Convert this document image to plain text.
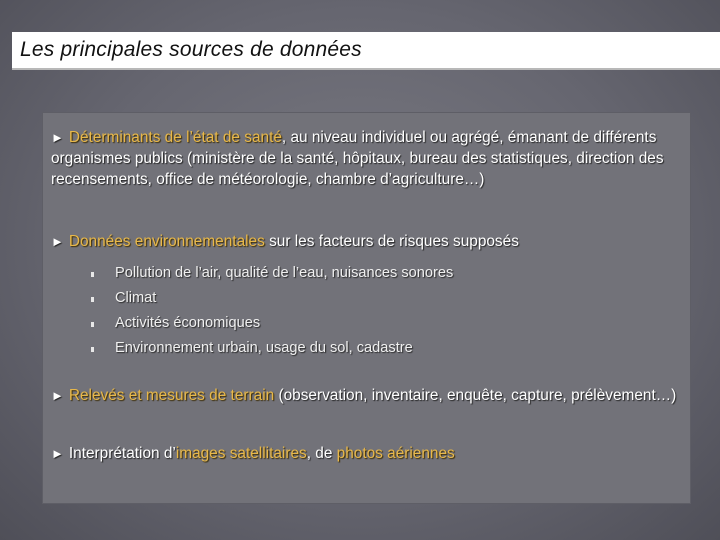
Les principales sources de données
► Déterminants de l’état de santé, au niveau individuel ou agrégé, émanant de différents organismes publics (ministère de la santé, hôpitaux, bureau des statistiques, direction des recensements, office de météorologie, chambre d’agriculture…)
► Données environnementales sur les facteurs de risques supposés
Pollution de l’air, qualité de l’eau, nuisances sonores
Climat
Activités économiques
Environnement urbain, usage du sol, cadastre
► Relevés et mesures de terrain (observation, inventaire, enquête, capture, prélèvement…)
► Interprétation d’images satellitaires, de photos aériennes
